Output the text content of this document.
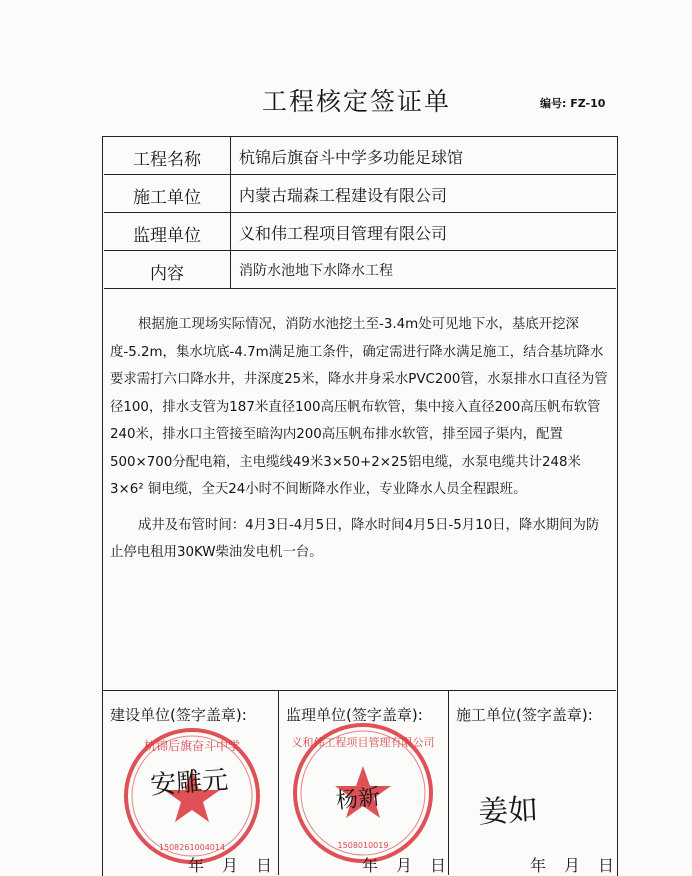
工程核定签证单	编号: FZ-10
工程名称	杭锦后旗奋斗中学多功能足球馆
施工单位	内蒙古瑞森工程建设有限公司
监理单位	义和伟工程项目管理有限公司
内容	消防水池地下水降水工程

根据施工现场实际情况，消防水池挖土至-3.4m处可见地下水，基底开挖深度-5.2m，集水坑底-4.7m满足施工条件，确定需进行降水满足施工，结合基坑降水要求需打六口降水井，井深度25米，降水井身采水PVC200管，水泵排水口直径为管径100，排水支管为187米直径100高压帆布软管，集中接入直径200高压帆布软管240米，排水口主管接至暗沟内200高压帆布排水软管，排至园子渠内，配置500×700分配电箱，主电缆线49米3×50+2×25铝电缆，水泵电缆共计248米3×6² 铜电缆，全天24小时不间断降水作业，专业降水人员全程跟班。

成井及布管时间：4月3日-4月5日，降水时间4月5日-5月10日，降水期间为防止停电租用30KW柴油发电机一台。

建设单位(签字盖章):	监理单位(签字盖章): 施工单位(签字盖章):
杭锦后旗奋斗中学
1508261004014
安雕元
义和伟工程项目管理有限公司
1508010019
杨新	姜如
年　月　日	年　月　日	年　月　日
